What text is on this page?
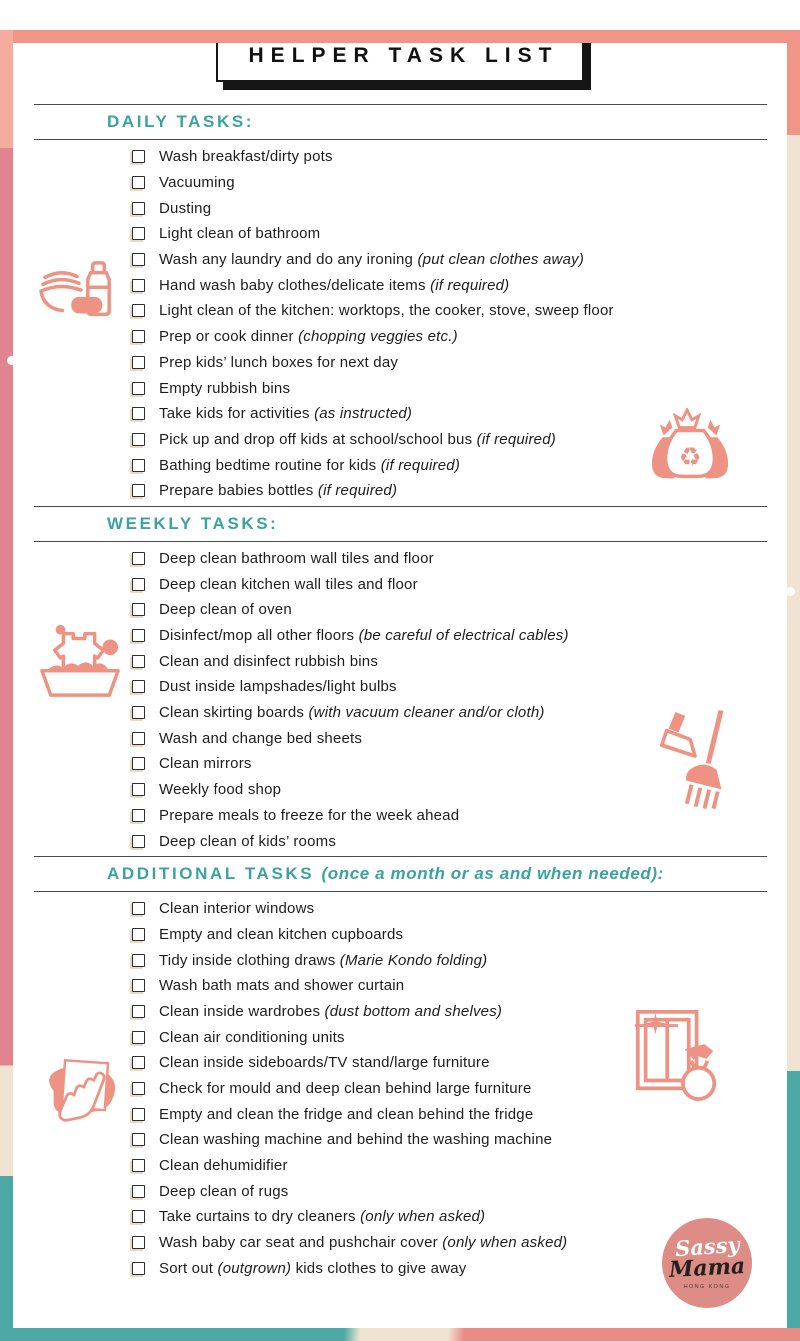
HELPER TASK LIST
DAILY TASKS:
Wash breakfast/dirty pots
Vacuuming
Dusting
Light clean of bathroom
Wash any laundry and do any ironing (put clean clothes away)
Hand wash baby clothes/delicate items (if required)
Light clean of the kitchen: worktops, the cooker, stove, sweep floor
Prep or cook dinner (chopping veggies etc.)
Prep kids’ lunch boxes for next day
Empty rubbish bins
Take kids for activities (as instructed)
Pick up and drop off kids at school/school bus (if required)
Bathing bedtime routine for kids (if required)
Prepare babies bottles (if required)
WEEKLY TASKS:
Deep clean bathroom wall tiles and floor
Deep clean kitchen wall tiles and floor
Deep clean of oven
Disinfect/mop all other floors (be careful of electrical cables)
Clean and disinfect rubbish bins
Dust inside lampshades/light bulbs
Clean skirting boards (with vacuum cleaner and/or cloth)
Wash and change bed sheets
Clean mirrors
Weekly food shop
Prepare meals to freeze for the week ahead
Deep clean of kids’ rooms
ADDITIONAL TASKS (once a month or as and when needed):
Clean interior windows
Empty and clean kitchen cupboards
Tidy inside clothing draws (Marie Kondo folding)
Wash bath mats and shower curtain
Clean inside wardrobes (dust bottom and shelves)
Clean air conditioning units
Clean inside sideboards/TV stand/large furniture
Check for mould and deep clean behind large furniture
Empty and clean the fridge and clean behind the fridge
Clean washing machine and behind the washing machine
Clean dehumidifier
Deep clean of rugs
Take curtains to dry cleaners (only when asked)
Wash baby car seat and pushchair cover (only when asked)
Sort out (outgrown) kids clothes to give away
♻
Sassy
Mama
HONG KONG
